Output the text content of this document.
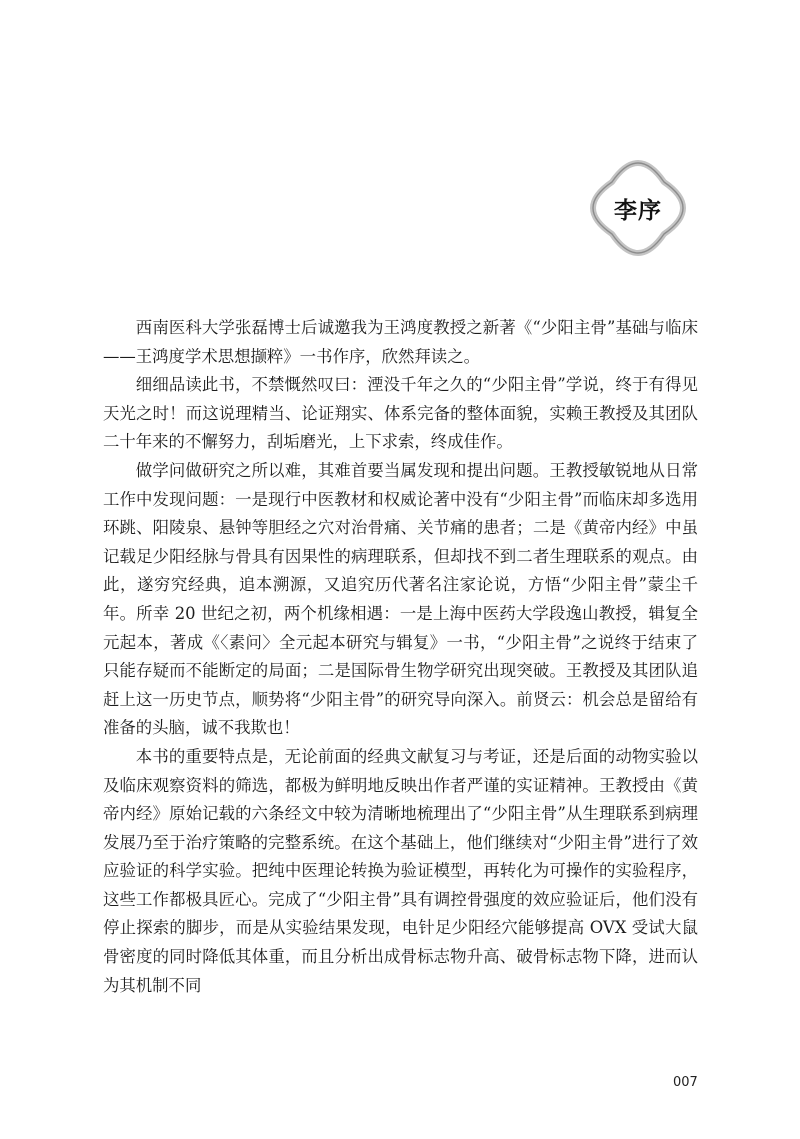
李序

西南医科大学张磊博士后诚邀我为王鸿度教授之新著《“少阳主骨”基础与临床——王鸿度学术思想撷粹》一书作序，欣然拜读之。

细细品读此书，不禁慨然叹曰：湮没千年之久的“少阳主骨”学说，终于有得见天光之时！而这说理精当、论证翔实、体系完备的整体面貌，实赖王教授及其团队二十年来的不懈努力，刮垢磨光，上下求索，终成佳作。

做学问做研究之所以难，其难首要当属发现和提出问题。王教授敏锐地从日常工作中发现问题：一是现行中医教材和权威论著中没有“少阳主骨”而临床却多选用环跳、阳陵泉、悬钟等胆经之穴对治骨痛、关节痛的患者；二是《黄帝内经》中虽记载足少阳经脉与骨具有因果性的病理联系，但却找不到二者生理联系的观点。由此，遂穷究经典，追本溯源，又追究历代著名注家论说，方悟“少阳主骨”蒙尘千年。所幸 20 世纪之初，两个机缘相遇：一是上海中医药大学段逸山教授，辑复全元起本，著成《〈素问〉全元起本研究与辑复》一书，“少阳主骨”之说终于结束了只能存疑而不能断定的局面；二是国际骨生物学研究出现突破。王教授及其团队追赶上这一历史节点，顺势将“少阳主骨”的研究导向深入。前贤云：机会总是留给有准备的头脑，诚不我欺也！

本书的重要特点是，无论前面的经典文献复习与考证，还是后面的动物实验以及临床观察资料的筛选，都极为鲜明地反映出作者严谨的实证精神。王教授由《黄帝内经》原始记载的六条经文中较为清晰地梳理出了“少阳主骨”从生理联系到病理发展乃至于治疗策略的完整系统。在这个基础上，他们继续对“少阳主骨”进行了效应验证的科学实验。把纯中医理论转换为验证模型，再转化为可操作的实验程序，这些工作都极具匠心。完成了“少阳主骨”具有调控骨强度的效应验证后，他们没有停止探索的脚步，而是从实验结果发现，电针足少阳经穴能够提高 OVX 受试大鼠骨密度的同时降低其体重，而且分析出成骨标志物升高、破骨标志物下降，进而认为其机制不同

007
